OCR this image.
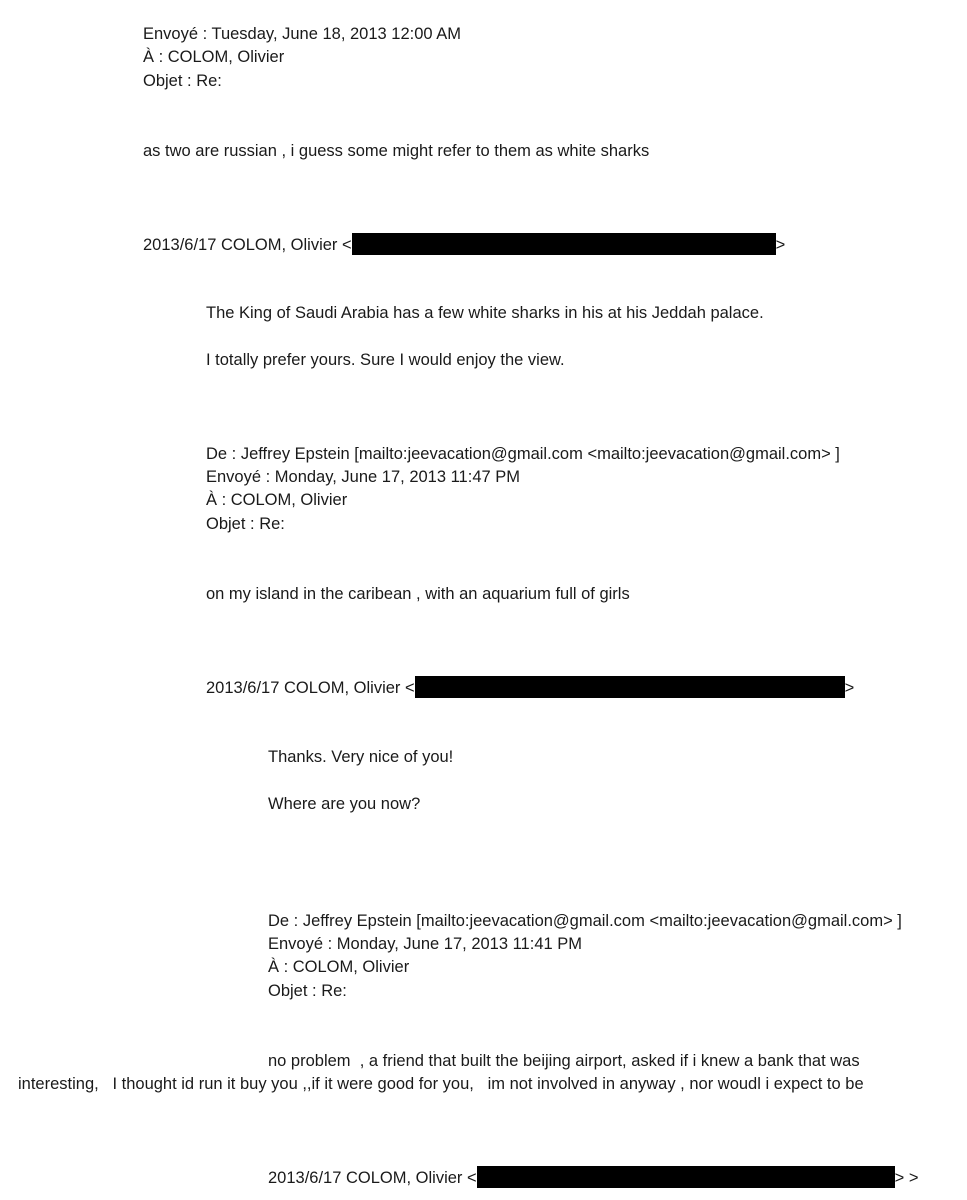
Envoyé : Tuesday, June 18, 2013 12:00 AM
À : COLOM, Olivier
Objet : Re:
as two are russian , i guess some might refer to them as white sharks
2013/6/17 COLOM, Olivier <	>
The King of Saudi Arabia has a few white sharks in his at his Jeddah palace.
I totally prefer yours. Sure I would enjoy the view.
De : Jeffrey Epstein [mailto:jeevacation@gmail.com <mailto:jeevacation@gmail.com> ]
Envoyé : Monday, June 17, 2013 11:47 PM
À : COLOM, Olivier
Objet : Re:
on my island in the caribean , with an aquarium full of girls
2013/6/17 COLOM, Olivier <	>
Thanks. Very nice of you!
Where are you now?
De : Jeffrey Epstein [mailto:jeevacation@gmail.com <mailto:jeevacation@gmail.com> ]
Envoyé : Monday, June 17, 2013 11:41 PM
À : COLOM, Olivier
Objet : Re:
no problem  , a friend that built the beijing airport, asked if i knew a bank that was
interesting,   I thought id run it buy you ,,if it were good for you,   im not involved in anyway , nor woudl i expect to be
2013/6/17 COLOM, Olivier <	> >
